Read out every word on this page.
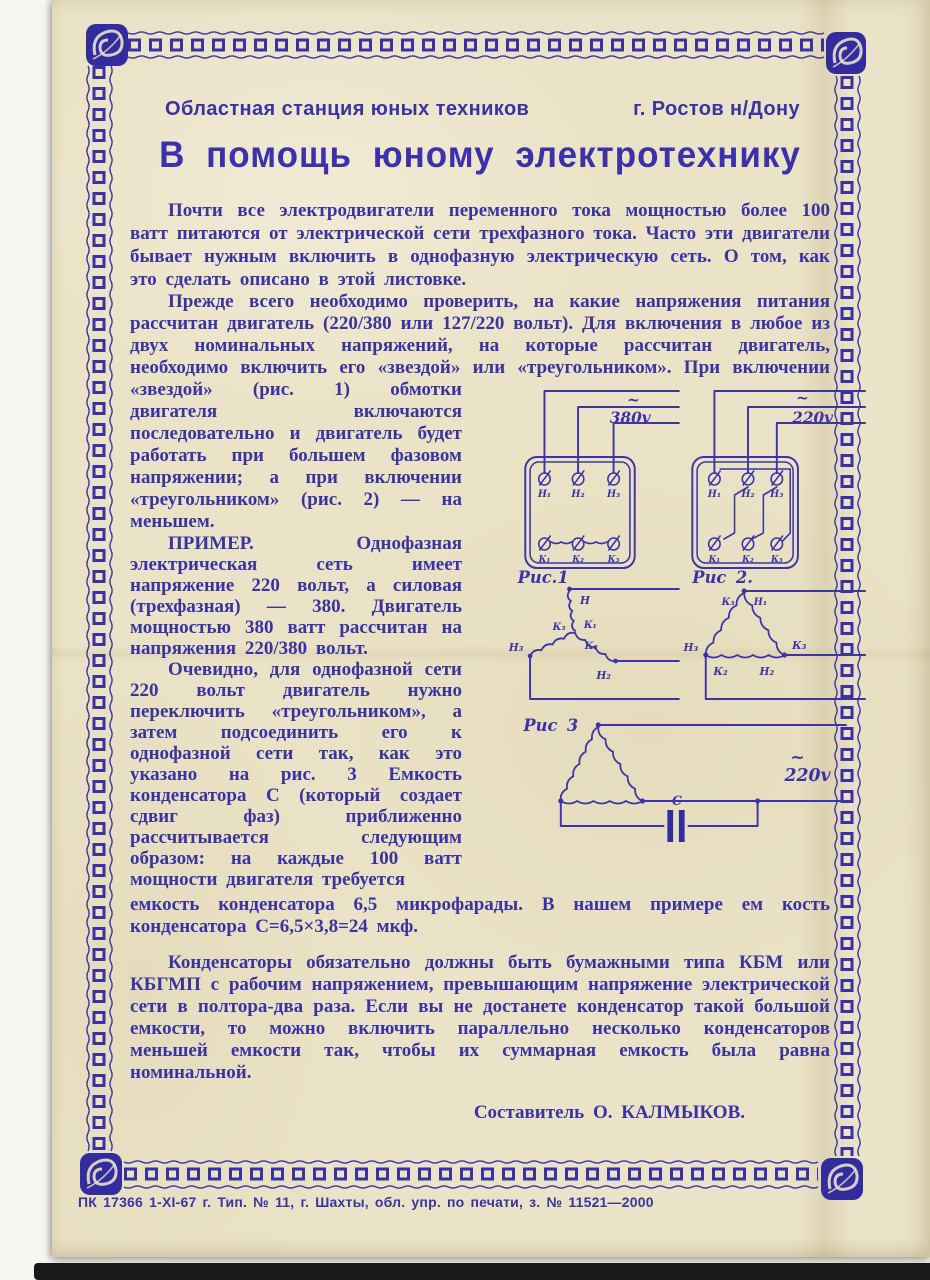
Областная станция юных техников	г. Ростов н/Дону
В помощь юному электротехнику

Почти все электродвигатели переменного тока мощностью более 100 ватт питаются от электрической сети трехфазного тока. Часто эти двигатели бывает нужным включить в однофазную электрическую сеть. О том, как это сделать описано в этой листовке.

Прежде всего необходимо проверить, на какие напряжения питания рассчитан двигатель (220/380 или 127/220 вольт). Для включения в любое из двух номинальных напряжений, на которые рассчитан двигатель, необходимо включить его «звездой» или «треугольником».
~
380v
Н₁ Н₂ Н₃
К₁ К₂	К₃
Рис.1
~
220v
Н₁ Н₂ Н₃
К₁ К₂ К₃
Рис 2.
Н
К₃ К₁
К₂
Н₃
Н₂
К₃ Н₁
Н₃	К₃
К₂	Н₂
Рис 3
С
~
220v
При включении «звездой» (рис. 1) обмотки двигателя включаются последовательно и двигатель будет работать при большем фазовом напряжении; а при включении «треугольником» (рис. 2) — на меньшем.

ПРИМЕР. Однофазная электрическая сеть имеет напряжение 220 вольт, а силовая (трехфазная) — 380. Двигатель мощностью 380 ватт рассчитан на напряжения 220/380 вольт.

Очевидно, для однофазной сети 220 вольт двигатель нужно переключить «треугольником», а затем подсоединить его к однофазной сети так, как это указано на рис. 3 Емкость конденсатора С (который создает сдвиг фаз) приближенно рассчитывается следующим образом: на каждые 100 ватт мощности двигателя требуется

емкость конденсатора 6,5 микрофарады. В нашем примере ем кость конденсатора С=6,5×3,8=24 мкф.

Конденсаторы обязательно должны быть бумажными типа КБМ или КБГМП с рабочим напряжением, превышающим напряжение электрической сети в полтора-два раза. Если вы не достанете конденсатор такой большой емкости, то можно включить параллельно несколько конденсаторов меньшей емкости так, чтобы их суммарная емкость была равна номинальной.

Составитель О. КАЛМЫКОВ.

ПК 17366 1-XI-67 г. Тип. № 11, г. Шахты, обл. упр. по печати, з. № 11521—2000
